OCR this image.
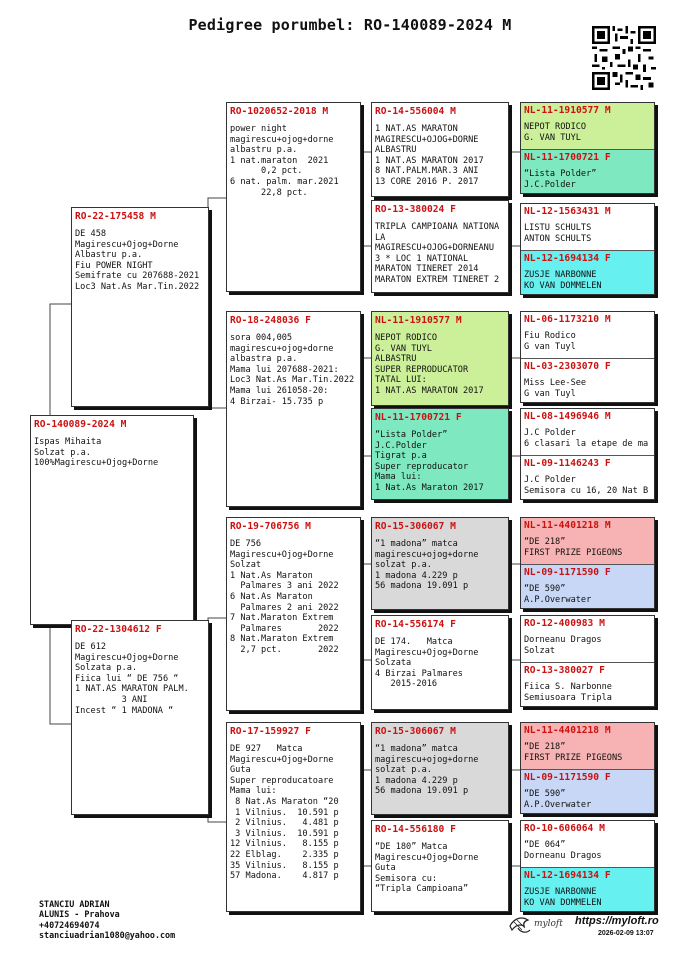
Pedigree porumbel: RO-140089-2024 M
RO-140089-2024 M
Ispas Mihaita
Solzat p.a.
100%Magirescu+Ojog+Dorne
RO-22-175458 M
DE 458
Magirescu+Ojog+Dorne
Albastru p.a.
Fiu POWER NIGHT
Semifrate cu 207688-2021
Loc3 Nat.As Mar.Tin.2022
RO-22-1304612 F
DE 612
Magirescu+Ojog+Dorne
Solzata p.a.
Fiica lui “ DE 756 “
1 NAT.AS MARATON PALM.
3 ANI
Incest “ 1 MADONA “
RO-1020652-2018 M
power night
magirescu+ojog+dorne
albastru p.a.
1 nat.maraton  2021
0,2 pct.
6 nat. palm. mar.2021
22,8 pct.
RO-18-248036 F
sora 004,005
magirescu+ojog+dorne
albastra p.a.
Mama lui 207688-2021:
Loc3 Nat.As Mar.Tin.2022
Mama lui 261058-20:
4 Birzai- 15.735 p
RO-19-706756 M
DE 756
Magirescu+Ojog+Dorne
Solzat
1 Nat.As Maraton
Palmares 3 ani 2022
6 Nat.As Maraton
Palmares 2 ani 2022
7 Nat.Maraton Extrem
Palmares       2022
8 Nat.Maraton Extrem
2,7 pct.       2022
RO-17-159927 F
DE 927   Matca
Magirescu+Ojog+Dorne
Guta
Super reproducatoare
Mama lui:
8 Nat.As Maraton “20
1 Vilnius.  10.591 p
2 Vilnius.   4.481 p
3 Vilnius.  10.591 p
12 Vilnius.   8.155 p
22 Elblag.    2.335 p
35 Vilnius.   8.155 p
57 Madona.    4.817 p
RO-14-556004 M
1 NAT.AS MARATON
MAGIRESCU+OJOG+DORNE
ALBASTRU
1 NAT.AS MARATON 2017
8 NAT.PALM.MAR.3 ANI
13 CORE 2016 P. 2017
RO-13-380024 F
TRIPLA CAMPIOANA NATIONA
LA
MAGIRESCU+OJOG+DORNEANU
3 * LOC 1 NATIONAL
MARATON TINERET 2014
MARATON EXTREM TINERET 2
NL-11-1910577 M
NEPOT RODICO
G. VAN TUYL
ALBASTRU
SUPER REPRODUCATOR
TATAL LUI:
1 NAT.AS MARATON 2017
NL-11-1700721 F
“Lista Polder”
J.C.Polder
Tigrat p.a
Super reproducator
Mama lui:
1 Nat.As Maraton 2017
RO-15-306067 M
“1 madona” matca
magirescu+ojog+dorne
solzat p.a.
1 madona 4.229 p
56 madona 19.091 p
RO-14-556174 F
DE 174.   Matca
Magirescu+Ojog+Dorne
Solzata
4 Birzai Palmares
2015-2016
RO-15-306067 M
“1 madona” matca
magirescu+ojog+dorne
solzat p.a.
1 madona 4.229 p
56 madona 19.091 p
RO-14-556180 F
“DE 180” Matca
Magirescu+Ojog+Dorne
Guta
Semisora cu:
“Tripla Campioana”
NL-11-1910577 M
NEPOT RODICO
G. VAN TUYL
NL-11-1700721 F
“Lista Polder”
J.C.Polder
NL-12-1563431 M
LISTU SCHULTS
ANTON SCHULTS
NL-12-1694134 F
ZUSJE NARBONNE
KO VAN DOMMELEN
NL-06-1173210 M
Fiu Rodico
G van Tuyl
NL-03-2303070 F
Miss Lee-See
G van Tuyl
NL-08-1496946 M
J.C Polder
6 clasari la etape de ma
NL-09-1146243 F
J.C Polder
Semisora cu 16, 20 Nat B
NL-11-4401218 M
“DE 218”
FIRST PRIZE PIGEONS
NL-09-1171590 F
“DE 590”
A.P.Overwater
RO-12-400983 M
Dorneanu Dragos
Solzat
RO-13-380027 F
Fiica S. Narbonne
Semiusoara Tripla
NL-11-4401218 M
“DE 218”
FIRST PRIZE PIGEONS
NL-09-1171590 F
“DE 590”
A.P.Overwater
RO-10-606064 M
“DE 064”
Dorneanu Dragos
NL-12-1694134 F
ZUSJE NARBONNE
KO VAN DOMMELEN
STANCIU ADRIAN
ALUNIS - Prahova
+40724694074
stanciuadrian1080@yahoo.com
myloft https://myloft.ro
2026-02-09 13:07
